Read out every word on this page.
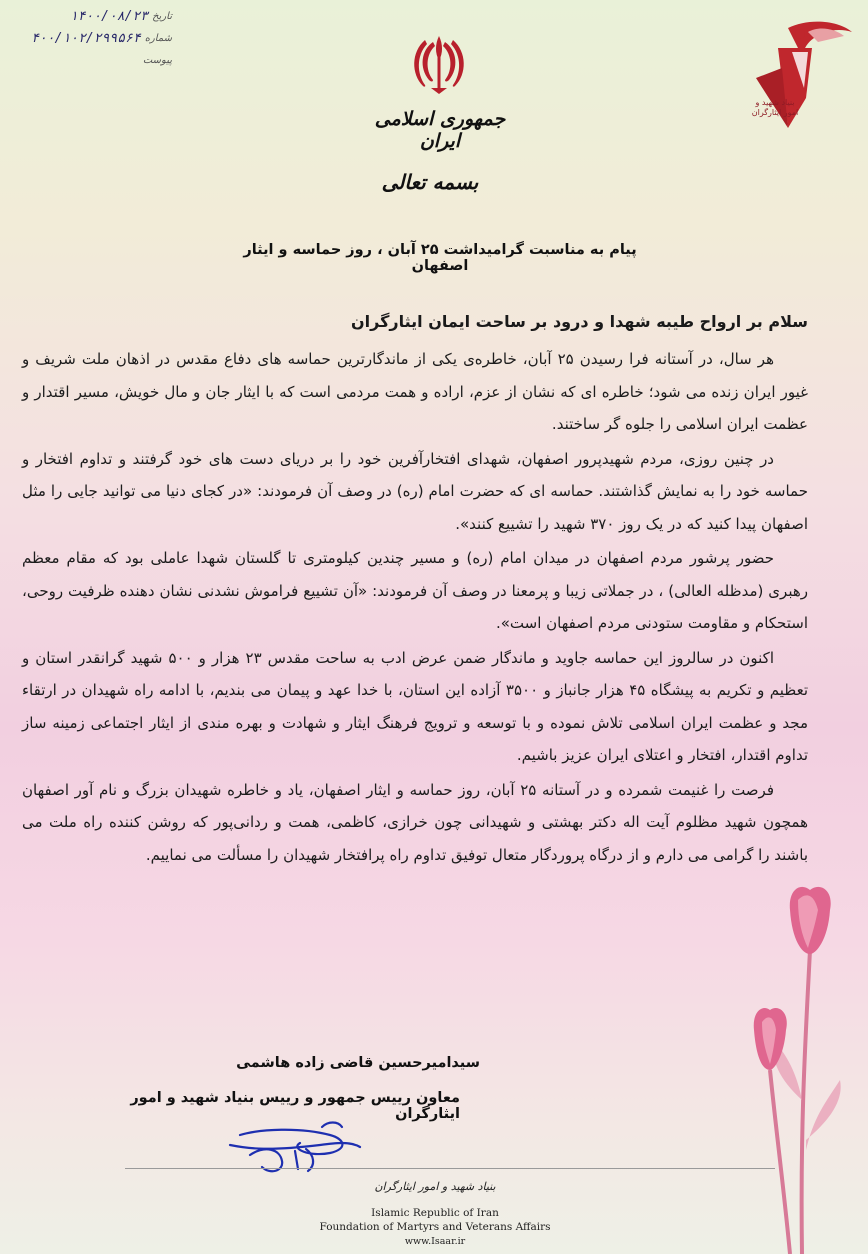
تاریخ
۱۴۰۰/۰۸/۲۳
شماره
۴۰۰/۱۰۲/۲۹۹۵۶۴
پیوست
جمهوری اسلامی ایران
بسمه تعالی
بنیاد شهید و امور ایثارگران
پیام به مناسبت گرامیداشت ۲۵ آبان ، روز حماسه و ایثار اصفهان
سلام بر ارواح طیبه شهدا و درود بر ساحت ایمان ایثارگران

هر سال، در آستانه فرا رسیدن ۲۵ آبان، خاطره‌ی یکی از ماندگارترین حماسه های دفاع مقدس در اذهان ملت شریف و غیور ایران زنده می شود؛ خاطره ای که نشان از عزم، اراده و همت مردمی است که با ایثار جان و مال خویش، مسیر اقتدار و عظمت ایران اسلامی را جلوه گر ساختند.

در چنین روزی، مردم شهیدپرور اصفهان، شهدای افتخارآفرین خود را بر دریای دست های خود گرفتند و تداوم افتخار و حماسه خود را به نمایش گذاشتند. حماسه ای که حضرت امام (ره) در وصف آن فرمودند: «در کجای دنیا می توانید جایی را مثل اصفهان پیدا کنید که در یک روز ۳۷۰ شهید را تشییع کنند».

حضور پرشور مردم اصفهان در میدان امام (ره) و مسیر چندین کیلومتری تا گلستان شهدا عاملی بود که مقام معظم رهبری (مدظله العالی) ، در جملاتی زیبا و پرمعنا در وصف آن فرمودند: «آن تشییع فراموش نشدنی نشان دهنده ظرفیت روحی، استحکام و مقاومت ستودنی مردم اصفهان است».

اکنون در سالروز این حماسه جاوید و ماندگار ضمن عرض ادب به ساحت مقدس ۲۳ هزار و ۵۰۰ شهید گرانقدر استان و تعظیم و تکریم به پیشگاه ۴۵ هزار جانباز و ۳۵۰۰ آزاده این استان، با خدا عهد و پیمان می بندیم، با ادامه راه شهیدان در ارتقاء مجد و عظمت ایران اسلامی تلاش نموده و با توسعه و ترویج فرهنگ ایثار و شهادت و بهره مندی از ایثار اجتماعی زمینه ساز تداوم اقتدار، افتخار و اعتلای ایران عزیز باشیم.

فرصت را غنیمت شمرده و در آستانه ۲۵ آبان، روز حماسه و ایثار اصفهان، یاد و خاطره شهیدان بزرگ و نام آور اصفهان همچون شهید مظلوم آیت اله دکتر بهشتی و شهیدانی چون خرازی، کاظمی، همت و ردانی‌پور که روشن کننده راه ملت می باشند را گرامی می دارم و از درگاه پروردگار متعال توفیق تداوم راه پرافتخار شهیدان را مسألت می نماییم.

سیدامیرحسین قاضی زاده هاشمی
معاون رییس جمهور و رییس بنیاد شهید و امور ایثارگران
بنیاد شهید و امور ایثارگران
Islamic Republic of Iran
Foundation of Martyrs and Veterans Affairs
www.Isaar.ir
